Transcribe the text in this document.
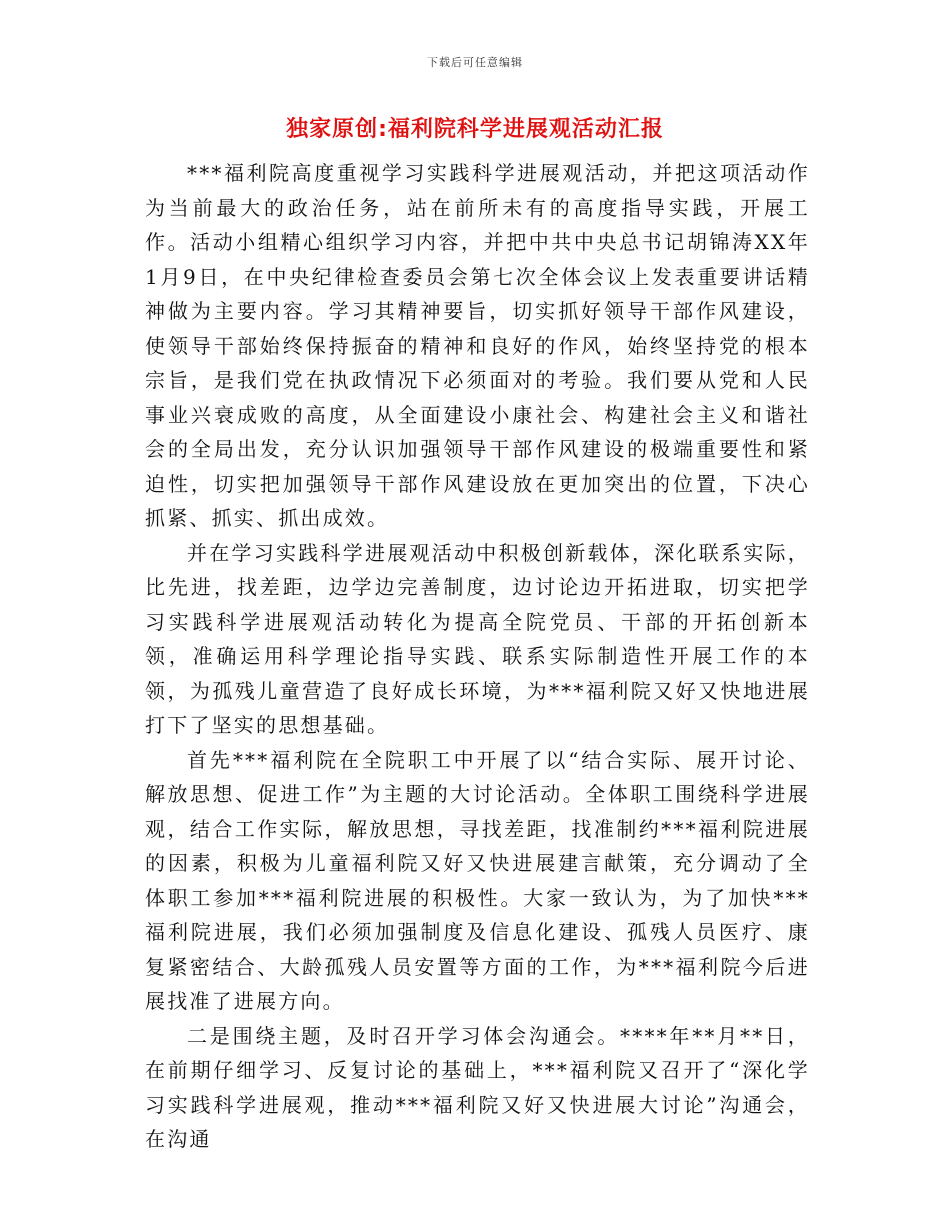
下载后可任意编辑
独家原创:福利院科学进展观活动汇报

***福利院高度重视学习实践科学进展观活动，并把这项活动作为当前最大的政治任务，站在前所未有的高度指导实践，开展工作。活动小组精心组织学习内容，并把中共中央总书记胡锦涛XX年1月9日，在中央纪律检查委员会第七次全体会议上发表重要讲话精神做为主要内容。学习其精神要旨，切实抓好领导干部作风建设，使领导干部始终保持振奋的精神和良好的作风，始终坚持党的根本宗旨，是我们党在执政情况下必须面对的考验。我们要从党和人民事业兴衰成败的高度，从全面建设小康社会、构建社会主义和谐社会的全局出发，充分认识加强领导干部作风建设的极端重要性和紧迫性，切实把加强领导干部作风建设放在更加突出的位置，下决心抓紧、抓实、抓出成效。

并在学习实践科学进展观活动中积极创新载体，深化联系实际，比先进，找差距，边学边完善制度，边讨论边开拓进取，切实把学习实践科学进展观活动转化为提高全院党员、干部的开拓创新本领，准确运用科学理论指导实践、联系实际制造性开展工作的本领，为孤残儿童营造了良好成长环境，为***福利院又好又快地进展打下了坚实的思想基础。

首先***福利院在全院职工中开展了以“结合实际、展开讨论、解放思想、促进工作”为主题的大讨论活动。全体职工围绕科学进展观，结合工作实际，解放思想，寻找差距，找准制约***福利院进展的因素，积极为儿童福利院又好又快进展建言献策，充分调动了全体职工参加***福利院进展的积极性。大家一致认为，为了加快***福利院进展，我们必须加强制度及信息化建设、孤残人员医疗、康复紧密结合、大龄孤残人员安置等方面的工作，为***福利院今后进展找准了进展方向。

二是围绕主题，及时召开学习体会沟通会。****年**月**日，在前期仔细学习、反复讨论的基础上，***福利院又召开了“深化学习实践科学进展观，推动***福利院又好又快进展大讨论”沟通会，在沟通
